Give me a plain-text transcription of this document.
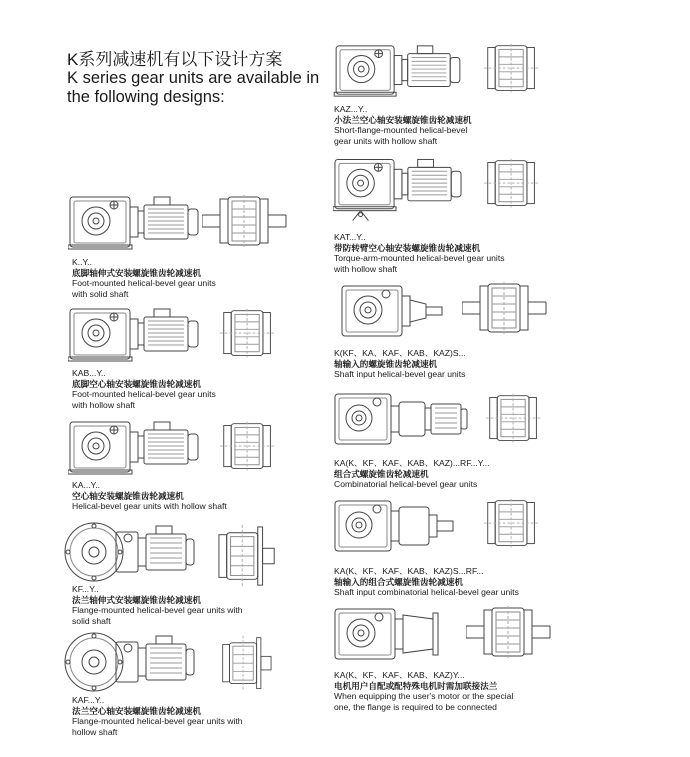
K系列减速机有以下设计方案
K series gear units are available in
the following designs:
K..Y..
底脚轴伸式安装螺旋锥齿轮减速机
Foot-mounted helical-bevel gear units
with solid shaft
KAB...Y..
底脚空心轴安装螺旋锥齿轮减速机
Foot-mounted helical-bevel gear units
with hollow shaft
KA...Y..
空心轴安装螺旋锥齿轮减速机
Helical-bevel gear units with hollow shaft
KF...Y..
法兰轴伸式安装螺旋锥齿轮减速机
Flange-mounted helical-bevel gear units with
solid shaft
KAF...Y..
法兰空心轴安装螺旋锥齿轮减速机
Flange-mounted helical-bevel gear units with
hollow shaft
KAZ...Y..
小法兰空心轴安装螺旋锥齿轮减速机
Short-flange-mounted helical-bevel
gear units with hollow shaft
KAT...Y..
带防转臂空心轴安装螺旋锥齿轮减速机
Torque-arm-mounted helical-bevel gear units
with hollow shaft
K(KF、KA、KAF、KAB、KAZ)S...
轴输入的螺旋锥齿轮减速机
Shaft input helical-bevel gear units
KA(K、KF、KAF、KAB、KAZ)...RF...Y...
组合式螺旋锥齿轮减速机
Combinatorial helical-bevel gear units
KA(K、KF、KAF、KAB、KAZ)S...RF...
轴输入的组合式螺旋锥齿轮减速机
Shaft input combinatorial helical-bevel gear units
KA(K、KF、KAF、KAB、KAZ)Y...
电机用户自配或配特殊电机时需加联接法兰
When equipping the user's motor or the special
one, the flange is required to be connected
